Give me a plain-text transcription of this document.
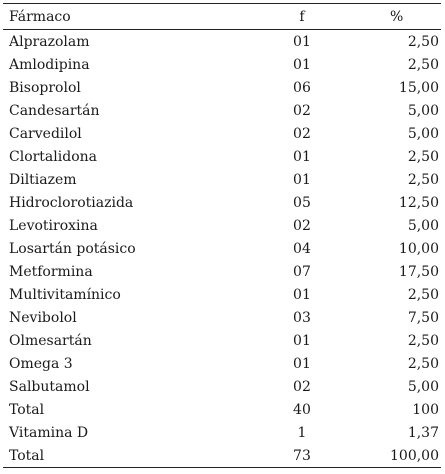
Fármaco	f	%
Alprazolam	01	2,50
Amlodipina	01	2,50
Bisoprolol	06	15,00
Candesartán	02	5,00
Carvedilol	02	5,00
Clortalidona	01	2,50
Diltiazem	01	2,50
Hidroclorotiazida	05	12,50
Levotiroxina	02	5,00
Losartán potásico	04	10,00
Metformina	07	17,50
Multivitamínico	01	2,50
Nevibolol	03	7,50
Olmesartán	01	2,50
Omega 3	01	2,50
Salbutamol	02	5,00
Total	40	100
Vitamina D	1	1,37
Total	73	100,00
